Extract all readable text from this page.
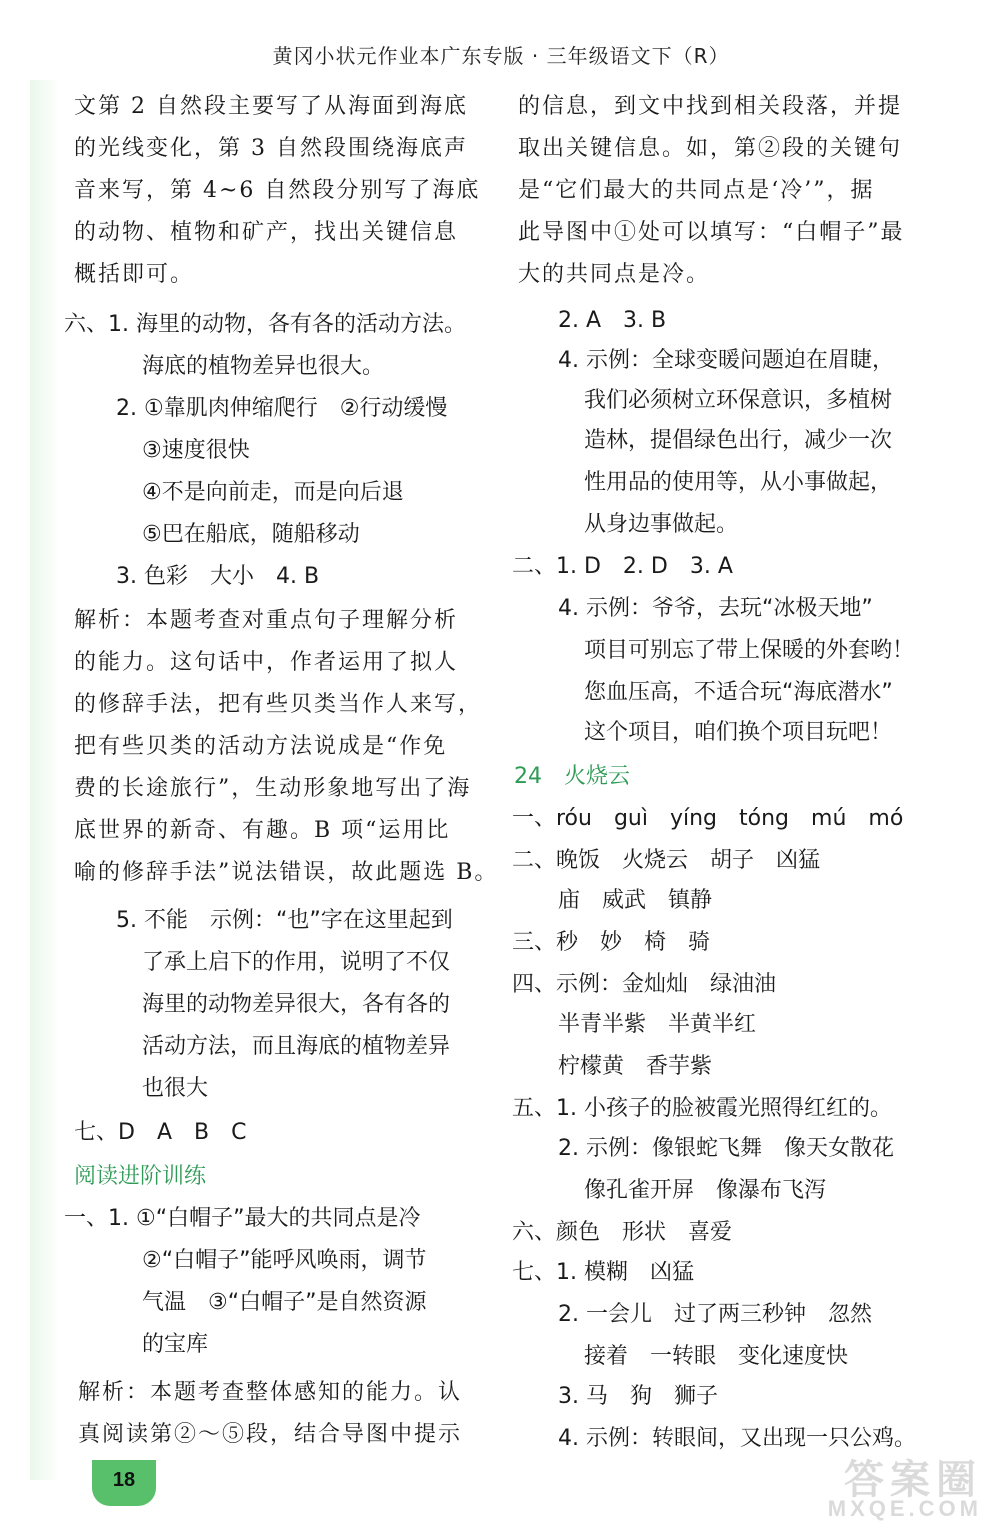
黄冈小状元作业本广东专版 · 三年级语文下（R）
文第 2 自然段主要写了从海面到海底
的光线变化，第 3 自然段围绕海底声
音来写，第 4~6 自然段分别写了海底
的动物、植物和矿产，找出关键信息
概括即可。
六、1. 海里的动物，各有各的活动方法。
海底的植物差异也很大。
2. ①靠肌肉伸缩爬行　②行动缓慢
③速度很快
④不是向前走，而是向后退
⑤巴在船底，随船移动
3. 色彩　大小　4. B
解析：本题考查对重点句子理解分析
的能力。这句话中，作者运用了拟人
的修辞手法，把有些贝类当作人来写，
把有些贝类的活动方法说成是“作免
费的长途旅行”，生动形象地写出了海
底世界的新奇、有趣。B 项“运用比
喻的修辞手法”说法错误，故此题选 B。
5. 不能　示例：“也”字在这里起到
了承上启下的作用，说明了不仅
海里的动物差异很大，各有各的
活动方法，而且海底的植物差异
也很大
七、D　A　B　C
阅读进阶训练
一、1. ①“白帽子”最大的共同点是冷
②“白帽子”能呼风唤雨，调节
气温　③“白帽子”是自然资源
的宝库
解析：本题考查整体感知的能力。认
真阅读第②～⑤段，结合导图中提示
的信息，到文中找到相关段落，并提
取出关键信息。如，第②段的关键句
是“它们最大的共同点是‘冷’”，据
此导图中①处可以填写：“白帽子”最
大的共同点是冷。
2. A　3. B
4. 示例：全球变暖问题迫在眉睫，
我们必须树立环保意识，多植树
造林，提倡绿色出行，减少一次
性用品的使用等，从小事做起，
从身边事做起。
二、1. D　2. D　3. A
4. 示例：爷爷，去玩“冰极天地”
项目可别忘了带上保暖的外套哟！
您血压高，不适合玩“海底潜水”
这个项目，咱们换个项目玩吧！
24　火烧云
一、róu　guì　yíng　tóng　mú　mó
二、晚饭　火烧云　胡子　凶猛
庙　威武　镇静
三、秒　妙　椅　骑
四、示例：金灿灿　绿油油
半青半紫　半黄半红
柠檬黄　香芋紫
五、1. 小孩子的脸被霞光照得红红的。
2. 示例：像银蛇飞舞　像天女散花
像孔雀开屏　像瀑布飞泻
六、颜色　形状　喜爱
七、1. 模糊　凶猛
2. 一会儿　过了两三秒钟　忽然
接着　一转眼　变化速度快
3. 马　狗　狮子
4. 示例：转眼间，又出现一只公鸡。
18	答案圈
MXQE.COM
